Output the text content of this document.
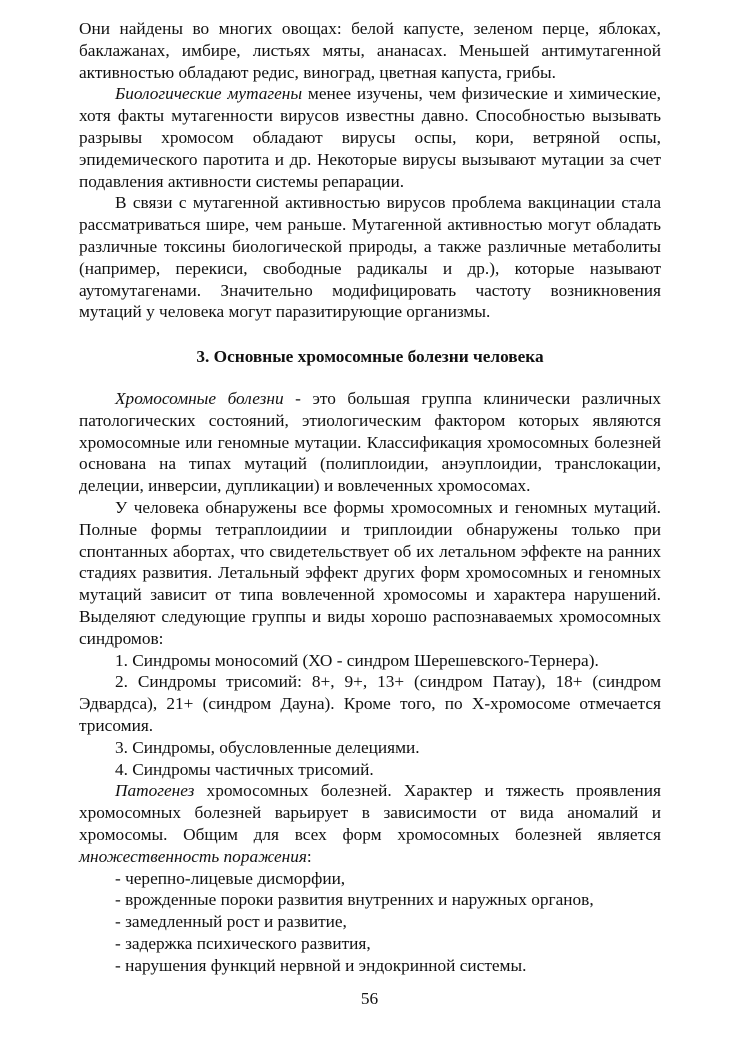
Они найдены во многих овощах: белой капусте, зеленом перце, яблоках, баклажанах, имбире, листьях мяты, ананасах. Меньшей антимутагенной активностью обладают редис, виноград, цветная капуста, грибы.

Биологические мутагены менее изучены, чем физические и химические, хотя факты мутагенности вирусов известны давно. Способностью вызывать разрывы хромосом обладают вирусы оспы, кори, ветряной оспы, эпидемического паротита и др. Некоторые вирусы вызывают мутации за счет подавления активности системы репарации.

В связи с мутагенной активностью вирусов проблема вакцинации стала рассматриваться шире, чем раньше. Мутагенной активностью могут обладать различные токсины биологической природы, а также различные метаболиты (например, перекиси, свободные радикалы и др.), которые называют аутомутагенами. Значительно модифицировать частоту возникновения мутаций у человека могут паразитирующие организмы.

3. Основные хромосомные болезни человека

Хромосомные болезни - это большая группа клинически различных патологических состояний, этиологическим фактором которых являются хромосомные или геномные мутации. Классификация хромосомных болезней основана на типах мутаций (полиплоидии, анэуплоидии, транслокации, делеции, инверсии, дупликации) и вовлеченных хромосомах.

У человека обнаружены все формы хромосомных и геномных мутаций. Полные формы тетраплоидиии и триплоидии обнаружены только при спонтанных абортах, что свидетельствует об их летальном эффекте на ранних стадиях развития. Летальный эффект других форм хромосомных и геномных мутаций зависит от типа вовлеченной хромосомы и характера нарушений. Выделяют следующие группы и виды хорошо распознаваемых хромосомных синдромов:

1. Синдромы моносомий (ХО - синдром Шерешевского-Тернера).

2. Синдромы трисомий: 8+, 9+, 13+ (синдром Патау), 18+ (синдром Эдвардса), 21+ (синдром Дауна). Кроме того, по Х-хромосоме отмечается трисомия.

3. Синдромы, обусловленные делециями.

4. Синдромы частичных трисомий.

Патогенез хромосомных болезней. Характер и тяжесть проявления хромосомных болезней варьирует в зависимости от вида аномалий и хромосомы. Общим для всех форм хромосомных болезней является множественность поражения:

- черепно-лицевые дисморфии,

- врожденные пороки развития внутренних и наружных органов,

- замедленный рост и развитие,

- задержка психического развития,

- нарушения функций нервной и эндокринной системы.

56
